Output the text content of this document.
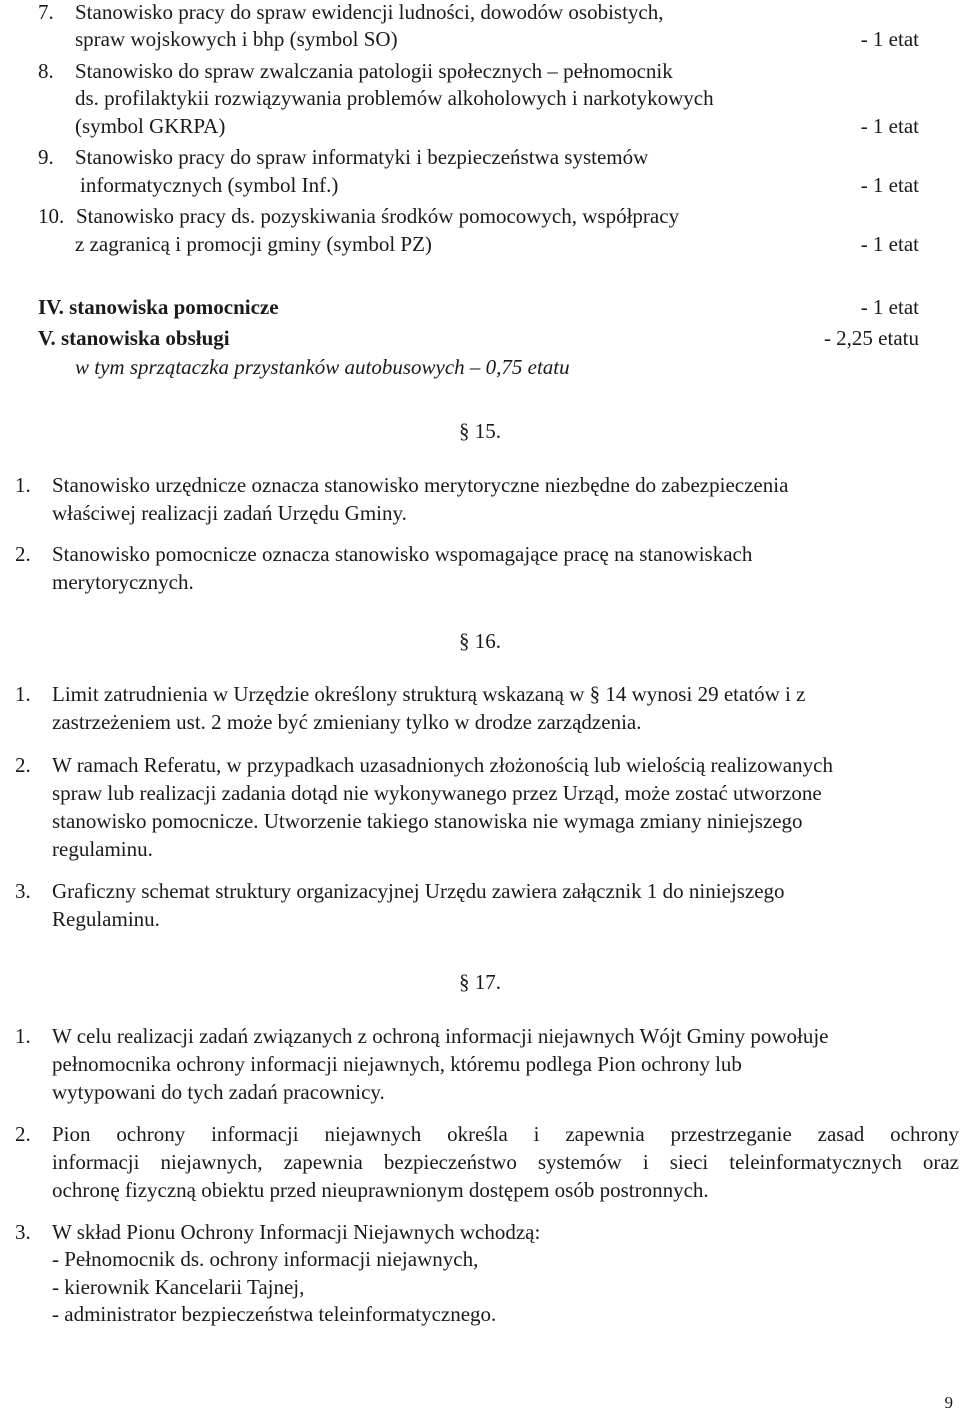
7. Stanowisko pracy do spraw ewidencji ludności, dowodów osobistych,
spraw wojskowych i bhp (symbol SO)	- 1 etat
8. Stanowisko do spraw zwalczania patologii społecznych – pełnomocnik
ds. profilaktykii rozwiązywania problemów alkoholowych i narkotykowych
(symbol GKRPA)	- 1 etat
9. Stanowisko pracy do spraw informatyki i bezpieczeństwa systemów
informatycznych (symbol Inf.)	- 1 etat
10. Stanowisko pracy ds. pozyskiwania środków pomocowych, współpracy
z zagranicą i promocji gminy (symbol PZ)	- 1 etat
IV. stanowiska pomocnicze	- 1 etat
V. stanowiska obsługi	- 2,25 etatu
w tym sprzątaczka przystanków autobusowych – 0,75 etatu
§ 15.
1. Stanowisko urzędnicze oznacza stanowisko merytoryczne niezbędne do zabezpieczenia
właściwej realizacji zadań Urzędu Gminy.
2. Stanowisko pomocnicze oznacza stanowisko wspomagające pracę na stanowiskach
merytorycznych.
§ 16.
1. Limit zatrudnienia w Urzędzie określony strukturą wskazaną w § 14 wynosi 29 etatów i z
zastrzeżeniem ust. 2 może być zmieniany tylko w drodze zarządzenia.
2. W ramach Referatu, w przypadkach uzasadnionych złożonością lub wielością realizowanych
spraw lub realizacji zadania dotąd nie wykonywanego przez Urząd, może zostać utworzone
stanowisko pomocnicze. Utworzenie takiego stanowiska nie wymaga zmiany niniejszego
regulaminu.
3. Graficzny schemat struktury organizacyjnej Urzędu zawiera załącznik 1 do niniejszego
Regulaminu.
§ 17.
1. W celu realizacji zadań związanych z ochroną informacji niejawnych Wójt Gminy powołuje
pełnomocnika ochrony informacji niejawnych, któremu podlega Pion ochrony lub
wytypowani do tych zadań pracownicy.
2. Pion ochrony informacji niejawnych określa i zapewnia przestrzeganie zasad ochrony
informacji niejawnych, zapewnia bezpieczeństwo systemów i sieci teleinformatycznych oraz
ochronę fizyczną obiektu przed nieuprawnionym dostępem osób postronnych.
3. W skład Pionu Ochrony Informacji Niejawnych wchodzą:
- Pełnomocnik ds. ochrony informacji niejawnych,
- kierownik Kancelarii Tajnej,
- administrator bezpieczeństwa teleinformatycznego.
9
